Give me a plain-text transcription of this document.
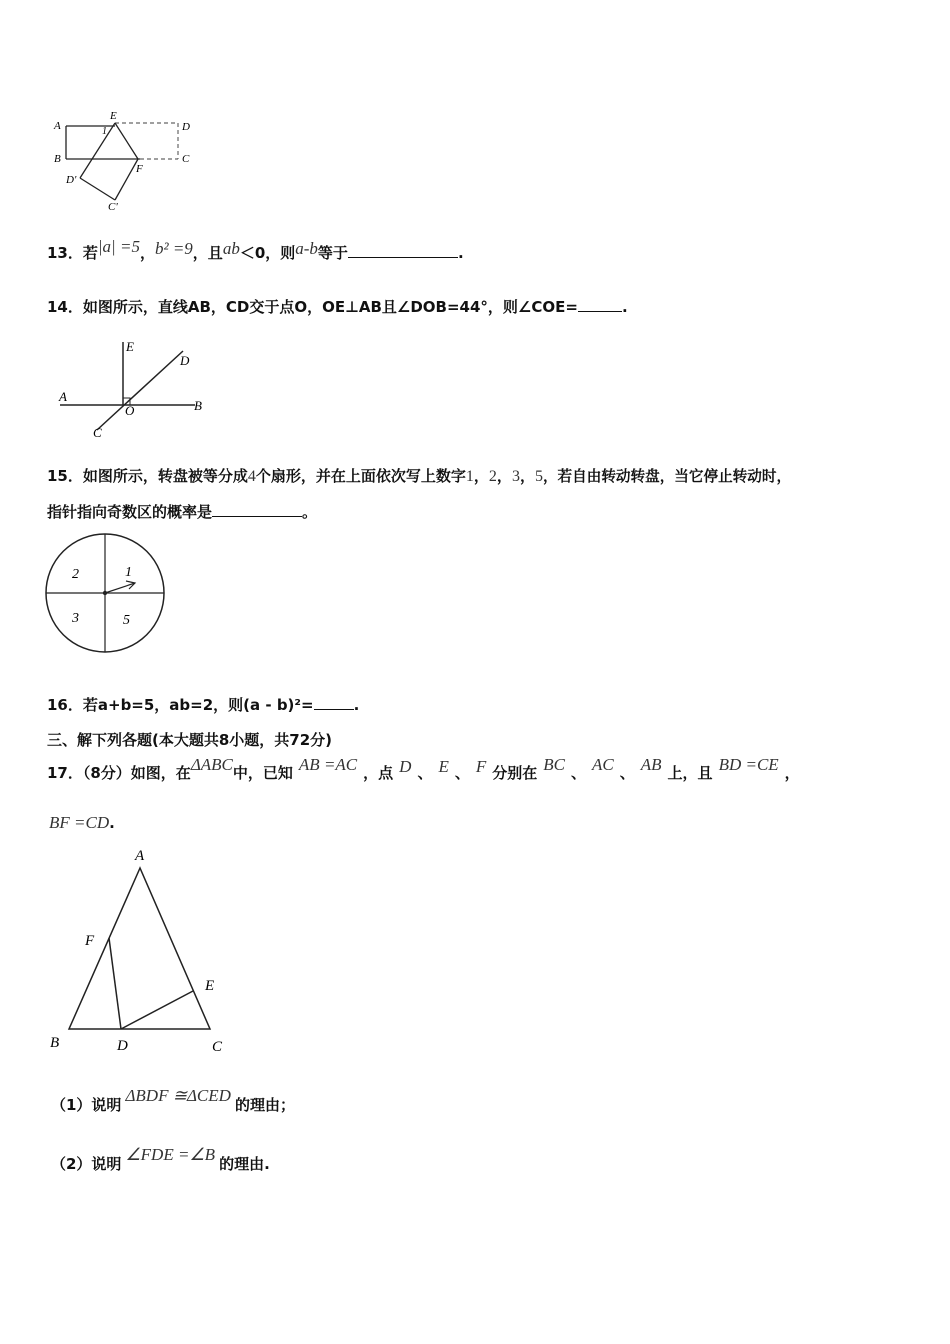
A
B
E
1	D
C
F
D'
C'
13．若|a| =5，b² =9，且ab＜0，则a-b等于	.
14．如图所示，直线AB，CD交于点O，OE⊥AB且∠DOB=44°，则∠COE=	.
E
D
A
O	B
C
15．如图所示，转盘被等分成4个扇形，并在上面依次写上数字1，2，3，5，若自由转动转盘，当它停止转动时，
指针指向奇数区的概率是	。
2	1
3	5
16．若a+b=5，ab=2，则(a - b)²=	.
三、解下列各题(本大题共8小题，共72分)
17．（8分）如图，在ΔABC中，已知 AB =AC ，点 D 、 E 、 F 分别在 BC 、 AC 、 AB 上，且 BD =CE ，
BF =CD.
A
F
E
B	D	C
（1）说明 ΔBDF ≅ΔCED 的理由；
（2）说明 ∠FDE =∠B 的理由.
